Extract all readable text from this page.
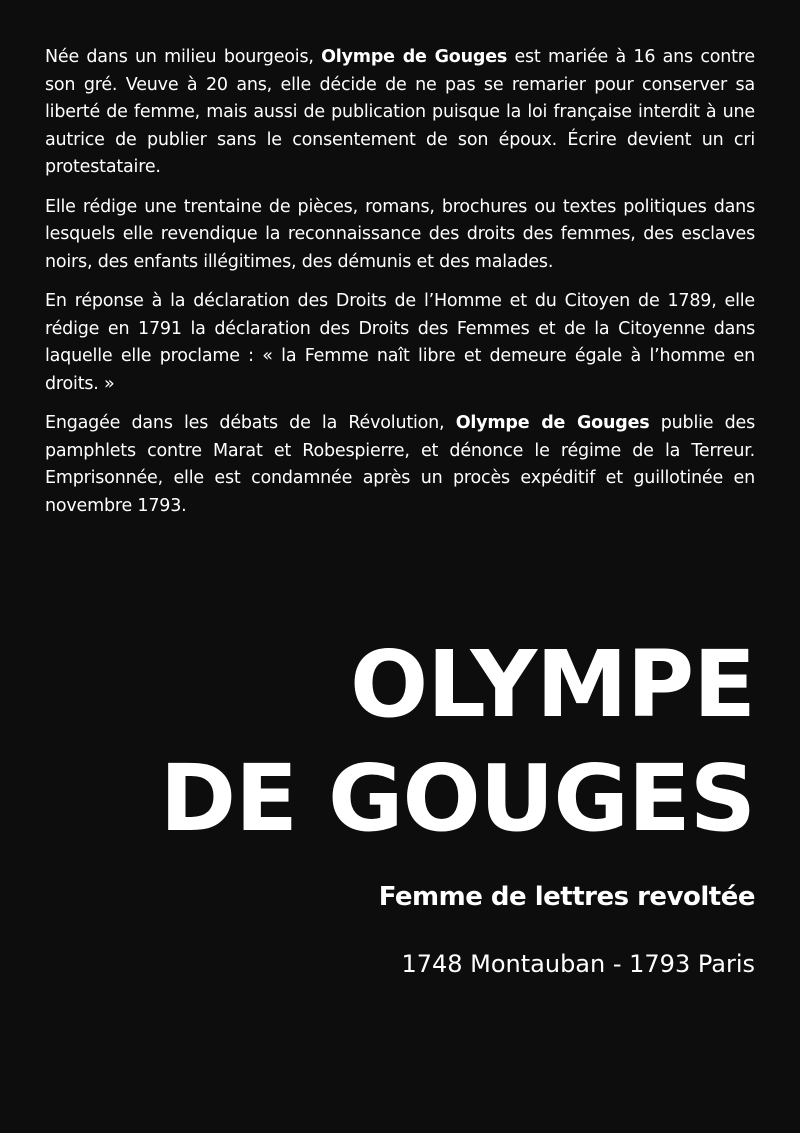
Née dans un milieu bourgeois, Olympe de Gouges est mariée à 16 ans contre son gré. Veuve à 20 ans, elle décide de ne pas se remarier pour conserver sa liberté de femme, mais aussi de publication puisque la loi française interdit à une autrice de publier sans le consentement de son époux. Écrire devient un cri protestataire.

Elle rédige une trentaine de pièces, romans, brochures ou textes politiques dans lesquels elle revendique la reconnaissance des droits des femmes, des esclaves noirs, des enfants illégitimes, des démunis et des malades.

En réponse à la déclaration des Droits de l’Homme et du Citoyen de 1789, elle rédige en 1791 la déclaration des Droits des Femmes et de la Citoyenne dans laquelle elle proclame : « la Femme naît libre et demeure égale à l’homme en droits. »

Engagée dans les débats de la Révolution, Olympe de Gouges publie des pamphlets contre Marat et Robespierre, et dénonce le régime de la Terreur. Emprisonnée, elle est condamnée après un procès expéditif et guillotinée en novembre 1793.

OLYMPE
DE GOUGES
Femme de lettres revoltée
1748 Montauban - 1793 Paris
